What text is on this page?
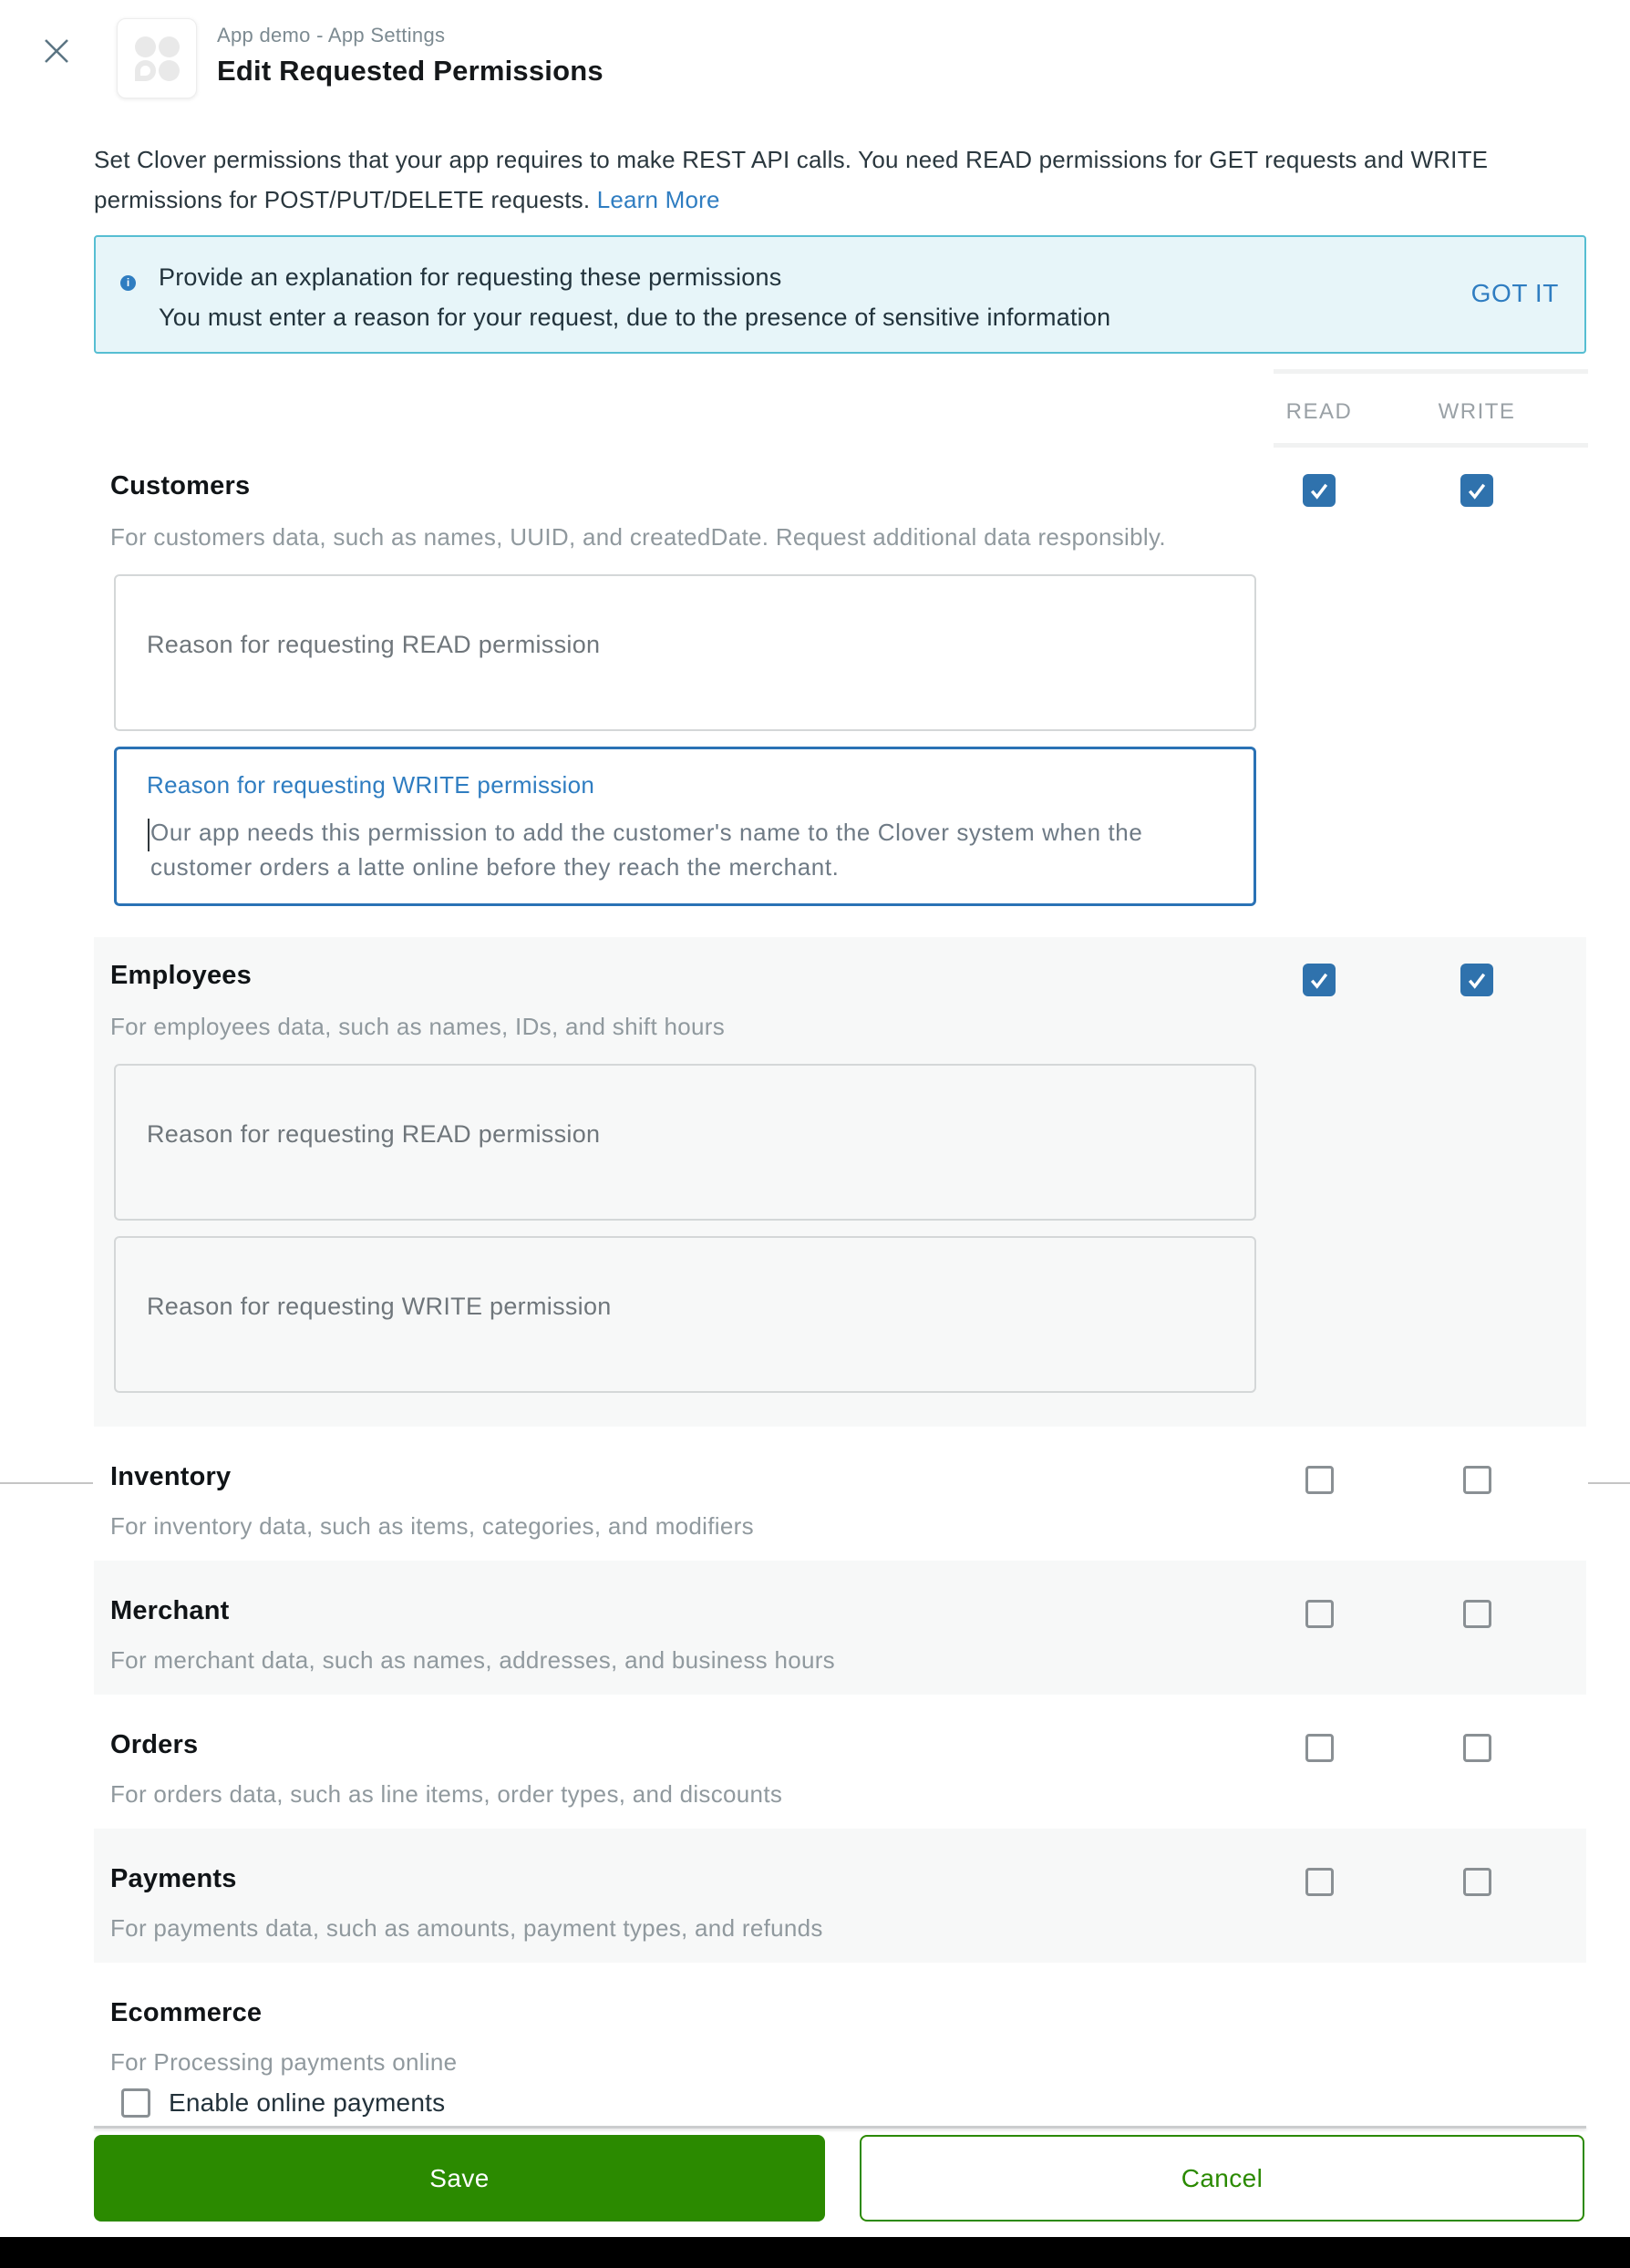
App demo - App Settings
Edit Requested Permissions
Set Clover permissions that your app requires to make REST API calls. You need READ permissions for GET requests and WRITE
permissions for POST/PUT/DELETE requests. Learn More
i Provide an explanation for requesting these permissions
You must enter a reason for your request, due to the presence of sensitive information
GOT IT
READ	WRITE
Customers

For customers data, such as names, UUID, and createdDate. Request additional data responsibly.

Reason for requesting READ permission
Reason for requesting WRITE permission
Our app needs this permission to add the customer's name to the Clover system when the
customer orders a latte online before they reach the merchant.
Employees

For employees data, such as names, IDs, and shift hours

Reason for requesting READ permission
Reason for requesting WRITE permission
Inventory

For inventory data, such as items, categories, and modifiers

Merchant

For merchant data, such as names, addresses, and business hours

Orders

For orders data, such as line items, order types, and discounts

Payments

For payments data, such as amounts, payment types, and refunds

Ecommerce

For Processing payments online

Enable online payments
Save	Cancel
